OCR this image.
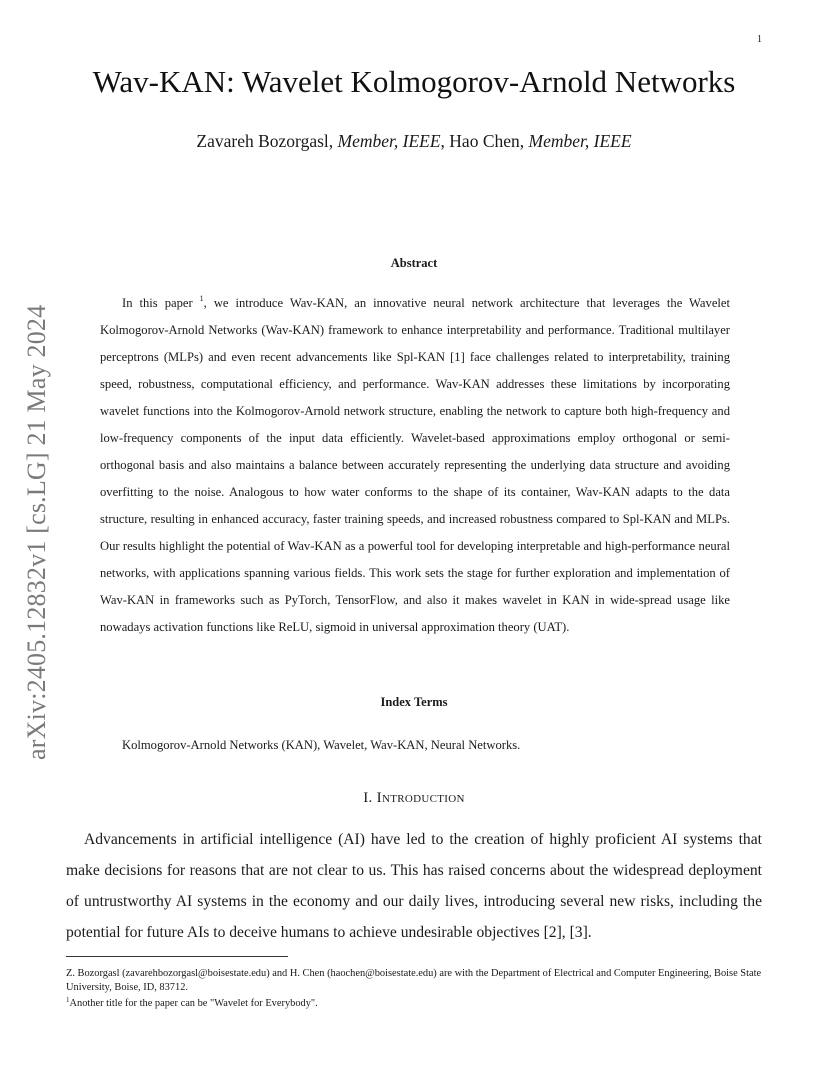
1
arXiv:2405.12832v1 [cs.LG] 21 May 2024
Wav-KAN: Wavelet Kolmogorov-Arnold Networks
Zavareh Bozorgasl, Member, IEEE, Hao Chen, Member, IEEE
Abstract

In this paper $^1$, we introduce Wav-KAN, an innovative neural network architecture that leverages the Wavelet Kolmogorov-Arnold Networks (Wav-KAN) framework to enhance interpretability and performance. Traditional multilayer perceptrons (MLPs) and even recent advancements like Spl-KAN [1] face challenges related to interpretability, training speed, robustness, computational efficiency, and performance. Wav-KAN addresses these limitations by incorporating wavelet functions into the Kolmogorov-Arnold network structure, enabling the network to capture both high-frequency and low-frequency components of the input data efficiently. Wavelet-based approximations employ orthogonal or semi-orthogonal basis and also maintains a balance between accurately representing the underlying data structure and avoiding overfitting to the noise. Analogous to how water conforms to the shape of its container, Wav-KAN adapts to the data structure, resulting in enhanced accuracy, faster training speeds, and increased robustness compared to Spl-KAN and MLPs. Our results highlight the potential of Wav-KAN as a powerful tool for developing interpretable and high-performance neural networks, with applications spanning various fields. This work sets the stage for further exploration and implementation of Wav-KAN in frameworks such as PyTorch, TensorFlow, and also it makes wavelet in KAN in wide-spread usage like nowadays activation functions like ReLU, sigmoid in universal approximation theory (UAT).

Index Terms

Kolmogorov-Arnold Networks (KAN), Wavelet, Wav-KAN, Neural Networks.

I. Introduction

Advancements in artificial intelligence (AI) have led to the creation of highly proficient AI systems that make decisions for reasons that are not clear to us. This has raised concerns about the widespread deployment of untrustworthy AI systems in the economy and our daily lives, introducing several new risks, including the potential for future AIs to deceive humans to achieve undesirable objectives [2], [3].

Z. Bozorgasl (zavarehbozorgasl@boisestate.edu) and H. Chen (haochen@boisestate.edu) are with the Department of Electrical and Computer Engineering, Boise State University, Boise, ID, 83712.

$^1$Another title for the paper can be "Wavelet for Everybody".
